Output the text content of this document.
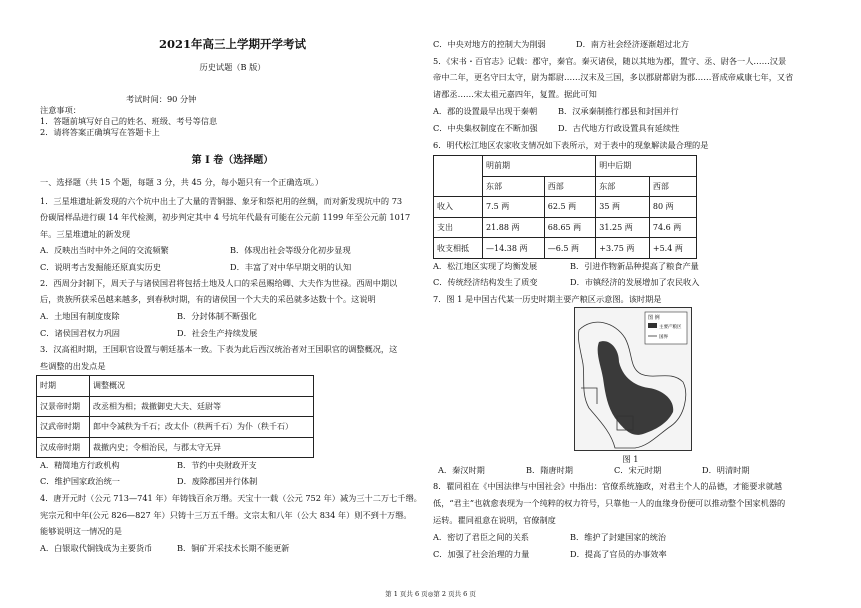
2021年高三上学期开学考试
历史试题（B 版）
考试时间：90 分钟
注意事项：
1．答题前填写好自己的姓名、班级、考号等信息
2．请将答案正确填写在答题卡上
第 I 卷（选择题）
一、选择题（共 15 个题，每题 3 分，共 45 分，每小题只有一个正确选项。）
1．三星堆遗址新发现的六个坑中出土了大量的青铜器、象牙和祭祀用的丝绸，而对新发现坑中的 73
份碳屑样品进行碳 14 年代检测，初步判定其中 4 号坑年代最有可能在公元前 1199 年至公元前 1017
年。三星堆遗址的新发现
A．反映出当时中外之间的交流频繁	B．体现出社会等级分化初步显现
C．说明考古发掘能还原真实历史	D．丰富了对中华早期文明的认知
2．西周分封制下，周天子与诸侯国君将包括土地及人口的采邑赐给卿、大夫作为世禄。西周中期以
后，贵族所获采邑越来越多，到春秋时期，有的诸侯国一个大夫的采邑就多达数十个。这说明
A．土地国有制度废除	B．分封体制不断强化
C．诸侯国君权力巩固	D．社会生产持续发展
3．汉高祖时期，王国职官设置与朝廷基本一致。下表为此后西汉统治者对王国职官的调整概况，这
些调整的出发点是
时期	调整概况
汉景帝时期	改丞相为相；裁撤御史大夫、廷尉等
汉武帝时期	郎中令减秩为千石；改太仆（秩两千石）为仆（秩千石）
汉成帝时期	裁撤内史；令相治民，与郡太守无异
A．精简地方行政机构	B．节约中央财政开支
C．维护国家政治统一	D．废除郡国并行体制
4．唐开元时（公元 713—741 年）年铸钱百余万缗。天宝十一载（公元 752 年）减为三十二万七千缗。
宪宗元和中年(公元 826—827 年）只铸十三万五千缗。文宗太和八年（公大 834 年）则不到十万缗。
能够说明这一情况的是
A．白银取代铜钱成为主要货币	B．铜矿开采技术长期不能更新
C．中央对地方的控制大为削弱	D．南方社会经济逐渐超过北方
5．《宋书・百官志》记载：郡守，秦官。秦灭诸侯，随以其地为郡，置守、丞、尉各一人……汉景
帝中二年，更名守曰太守，尉为都尉……汉末及三国，多以郡尉都尉为郡……晋成帝咸康七年，又省
诸郡丞……宋太祖元嘉四年，复置。据此可知
A．郡的设置最早出现于秦朝	B．汉承秦制推行郡县和封国并行
C．中央集权制度在不断加强 D．古代地方行政设置具有延续性
6．明代松江地区农家收支情况如下表所示，对于表中的现象解读最合理的是
A．松江地区实现了均衡发展	B．引进作物新品种提高了粮食产量
C．传统经济结构发生了质变	D．市镇经济的发展增加了农民收入
7．图 1 是中国古代某一历史时期主要产粮区示意图。该时期是
图 1
A．秦汉时期	B．隋唐时期	C．宋元时期	D．明清时期
8．瞿同祖在《中国法律与中国社会》中指出：官僚系统施政，对君主个人的品德，才能要求就越
低，“君主”也就愈表现为一个纯粹的权力符号，只靠他一人的血缘身份便可以推动整个国家机器的
运转。瞿同祖意在说明，官僚制度
A．密切了君臣之间的关系	B．维护了封建国家的统治
C．加强了社会治理的力量	D．提高了官员的办事效率
	明前期		明中后期	
	东部	西部	东部	西部
收入	7.5 两	62.5 两	35 两	80 两
支出	21.88 两	68.65 两	31.25 两	74.6 两
收支相抵	—14.38 两	—6.5 两	+3.75 两	+5.4 两
图 例
主要产粮区
国界
第 1 页共 6 页◎第 2 页共 6 页
